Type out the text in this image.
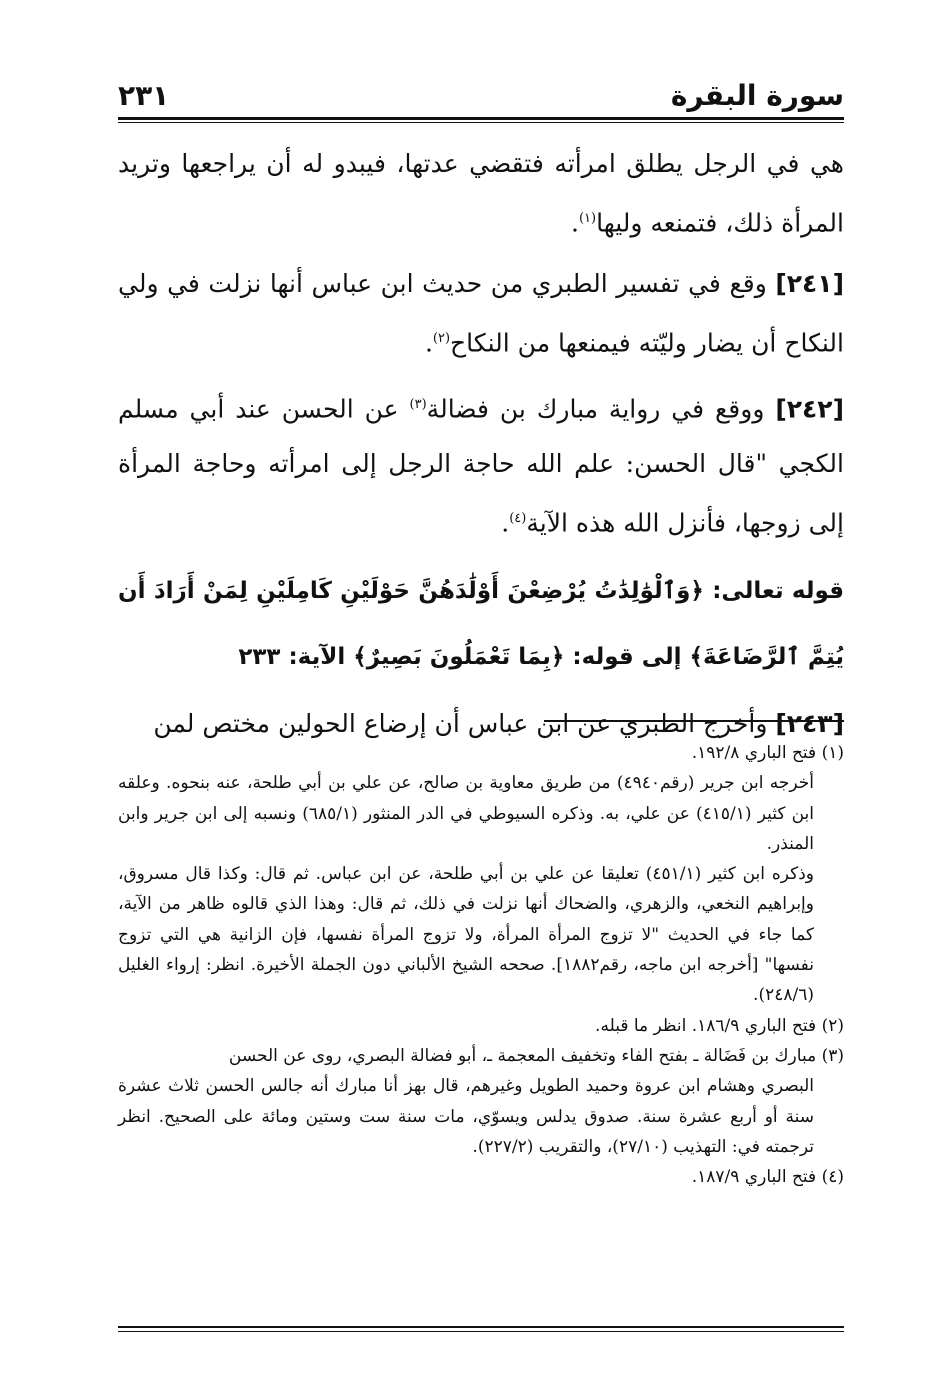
سورة البقرة
٢٣١

هي في الرجل يطلق امرأته فتقضي عدتها، فيبدو له أن يراجعها وتريد المرأة ذلك، فتمنعه وليها$^{(١)}$.

[٢٤١] وقع في تفسير الطبري من حديث ابن عباس أنها نزلت في ولي النكاح أن يضار وليّته فيمنعها من النكاح$^{(٢)}$.

[٢٤٢] ووقع في رواية مبارك بن فضالة$^{(٣)}$ عن الحسن عند أبي مسلم الكجي "قال الحسن: علم الله حاجة الرجل إلى امرأته وحاجة المرأة إلى زوجها، فأنزل الله هذه الآية$^{(٤)}$.

قوله تعالى: ﴿وَٱلْوَٰلِدَٰتُ يُرْضِعْنَ أَوْلَٰدَهُنَّ حَوْلَيْنِ كَامِلَيْنِ لِمَنْ أَرَادَ أَن يُتِمَّ ٱلرَّضَاعَةَ﴾ إلى قوله: ﴿بِمَا تَعْمَلُونَ بَصِيرٌ﴾ الآية: ٢٣٣

[٢٤٣] وأخرج الطبري عن ابن عباس أن إرضاع الحولين مختص لمن

(١) فتح الباري ١٩٢/٨.

أخرجه ابن جرير (رقم٤٩٤٠) من طريق معاوية بن صالح، عن علي بن أبي طلحة، عنه بنحوه. وعلقه ابن كثير (٤١٥/١) عن علي، به. وذكره السيوطي في الدر المنثور (٦٨٥/١) ونسبه إلى ابن جرير وابن المنذر.

وذكره ابن كثير (٤٥١/١) تعليقا عن علي بن أبي طلحة، عن ابن عباس. ثم قال: وكذا قال مسروق، وإبراهيم النخعي، والزهري، والضحاك أنها نزلت في ذلك، ثم قال: وهذا الذي قالوه ظاهر من الآية، كما جاء في الحديث "لا تزوج المرأة المرأة، ولا تزوج المرأة نفسها، فإن الزانية هي التي تزوج نفسها" [أخرجه ابن ماجه، رقم١٨٨٢]. صححه الشيخ الألباني دون الجملة الأخيرة. انظر: إرواء الغليل (٢٤٨/٦).

(٢) فتح الباري ١٨٦/٩. انظر ما قبله.

(٣) مبارك بن فَضَالة ـ بفتح الفاء وتخفيف المعجمة ـ، أبو فضالة البصري، روى عن الحسن

البصري وهشام ابن عروة وحميد الطويل وغيرهم، قال بهز أنا مبارك أنه جالس الحسن ثلاث عشرة سنة أو أربع عشرة سنة. صدوق يدلس ويسوّي، مات سنة ست وستين ومائة على الصحيح. انظر ترجمته في: التهذيب (٢٧/١٠)، والتقريب (٢٢٧/٢).

(٤) فتح الباري ١٨٧/٩.
